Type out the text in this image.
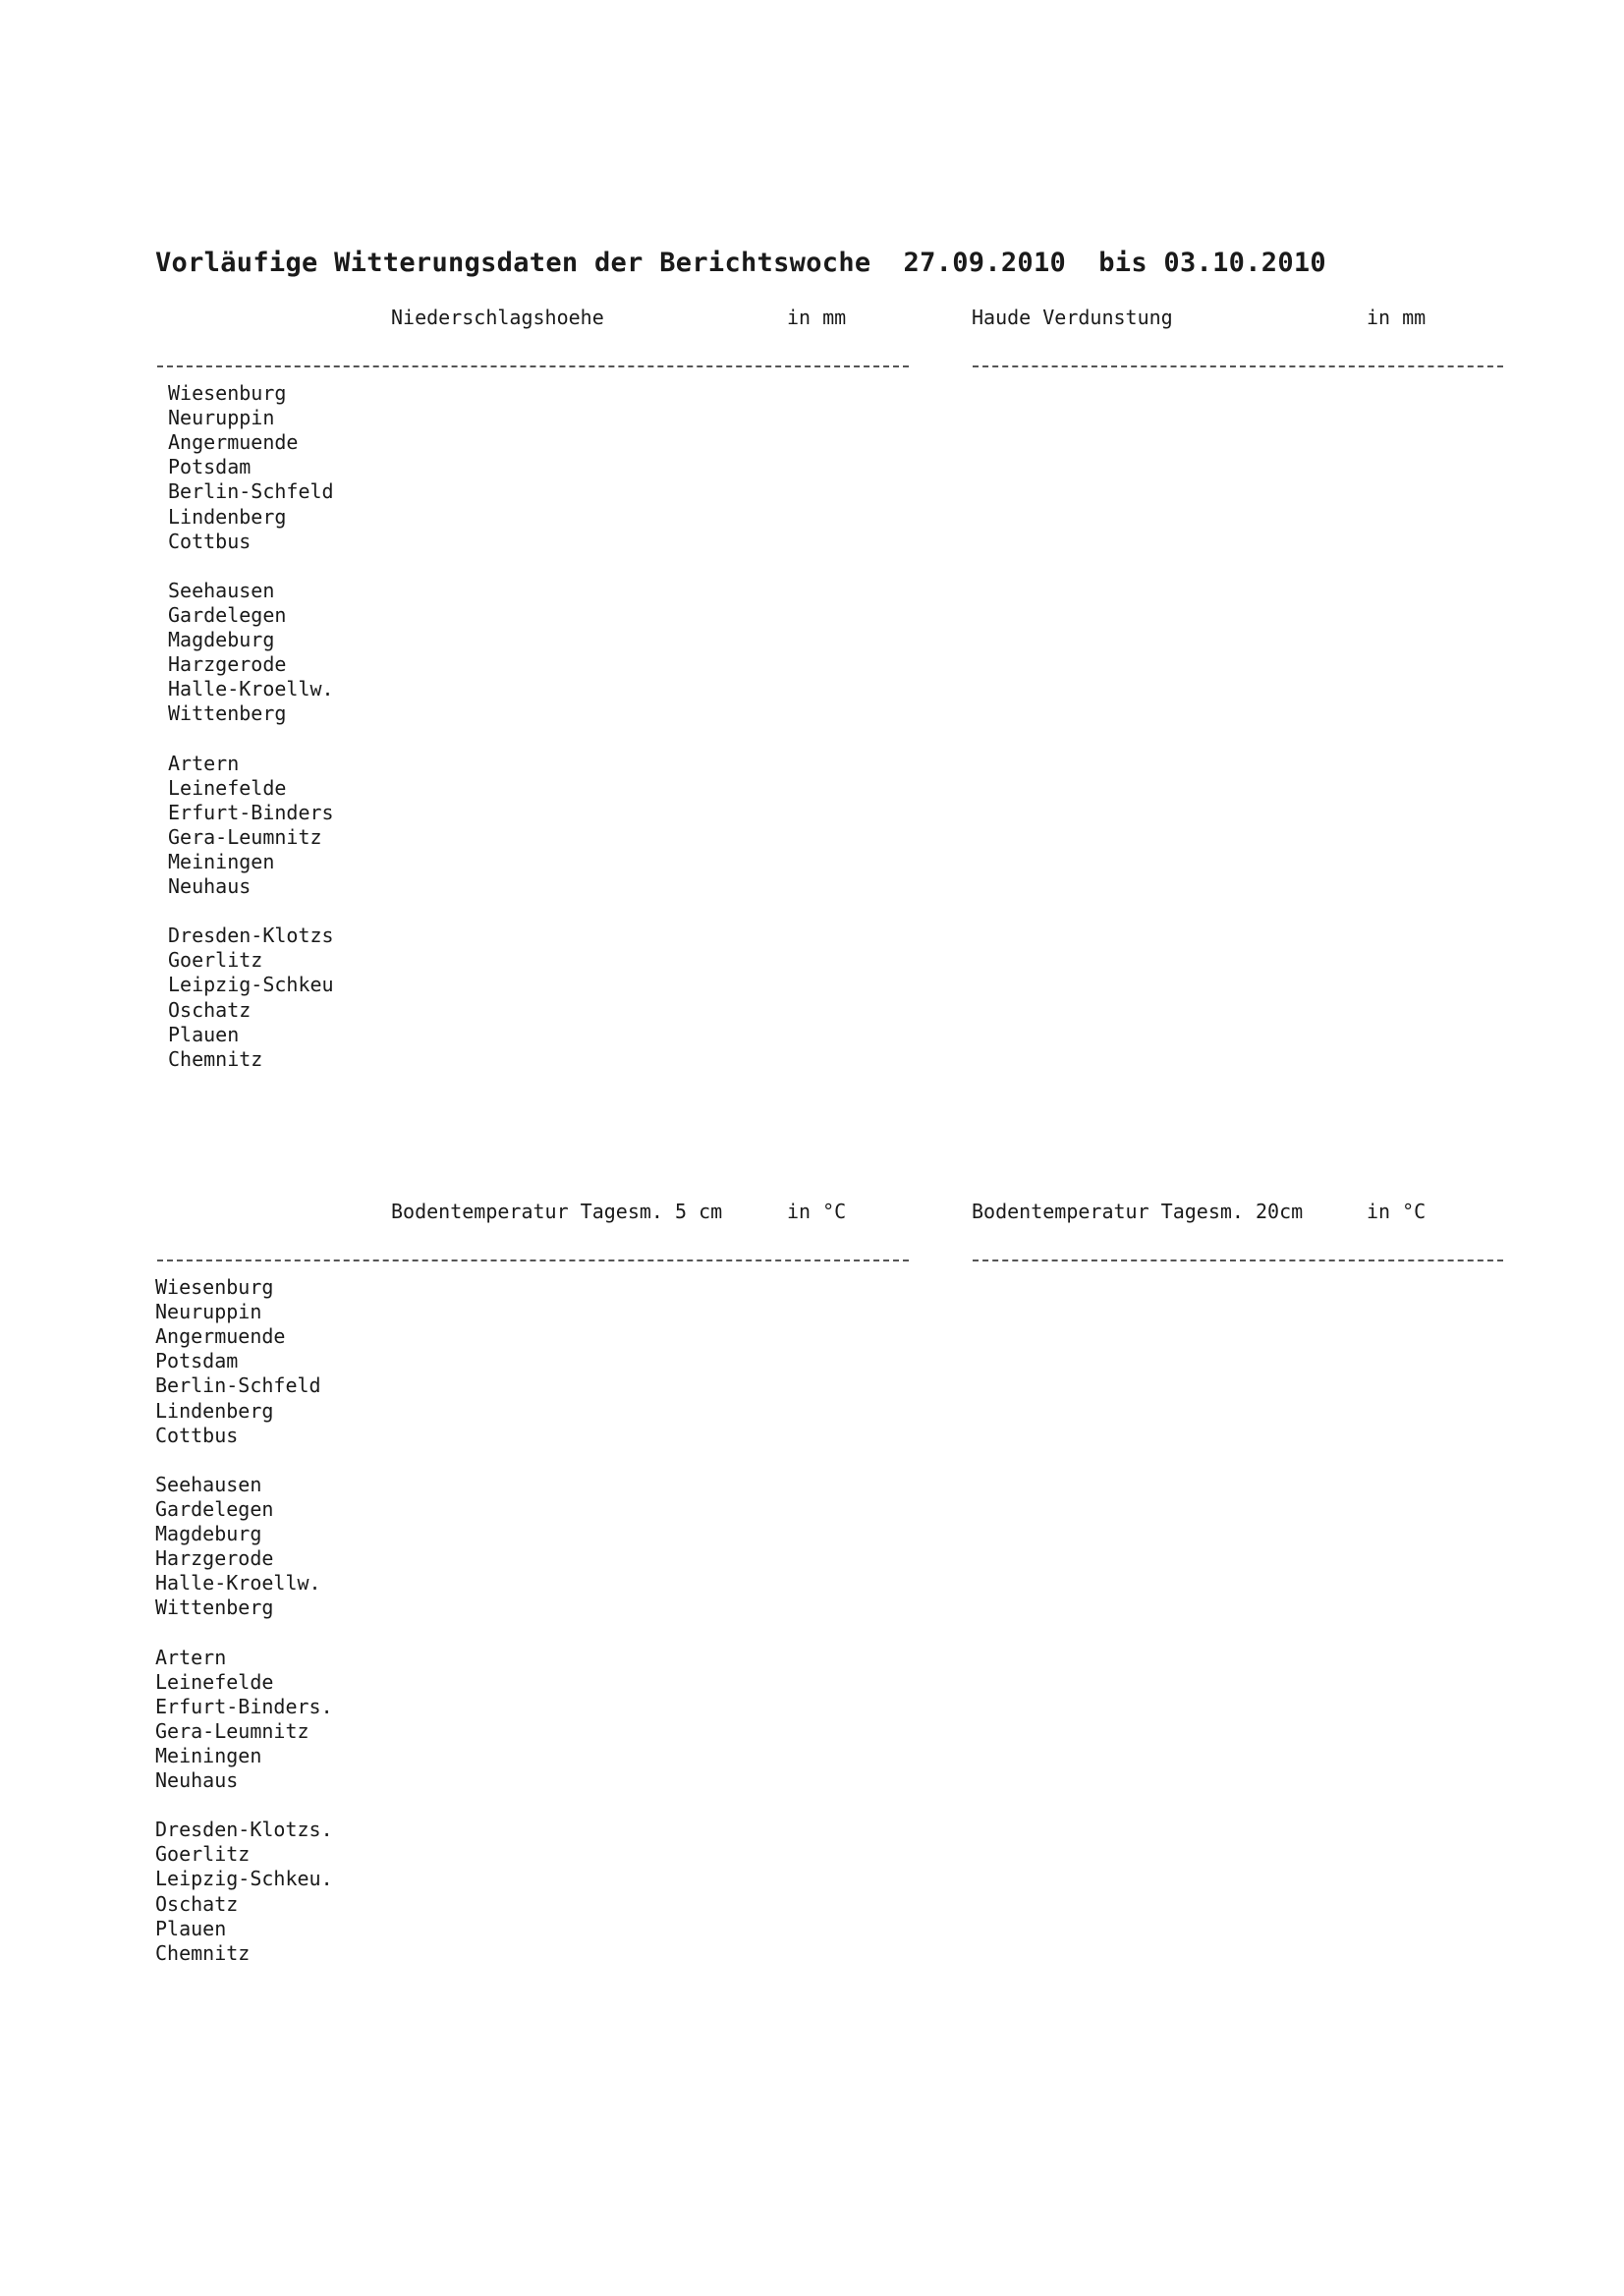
Vorläufige Witterungsdaten der Berichtswoche  27.09.2010  bis 03.10.2010
Niederschlagshoehe	in mm	Haude Verdunstung	in mm
Wiesenburg
Neuruppin
Angermuende
Potsdam
Berlin-Schfeld
Lindenberg
Cottbus
Seehausen
Gardelegen
Magdeburg
Harzgerode
Halle-Kroellw.
Wittenberg
Artern
Leinefelde
Erfurt-Binders
Gera-Leumnitz
Meiningen
Neuhaus
Dresden-Klotzs
Goerlitz
Leipzig-Schkeu
Oschatz
Plauen
Chemnitz
Bodentemperatur Tagesm. 5 cm	in °C	Bodentemperatur Tagesm. 20cm	in °C
Wiesenburg
Neuruppin
Angermuende
Potsdam
Berlin-Schfeld
Lindenberg
Cottbus
Seehausen
Gardelegen
Magdeburg
Harzgerode
Halle-Kroellw.
Wittenberg
Artern
Leinefelde
Erfurt-Binders.
Gera-Leumnitz
Meiningen
Neuhaus
Dresden-Klotzs.
Goerlitz
Leipzig-Schkeu.
Oschatz
Plauen
Chemnitz
